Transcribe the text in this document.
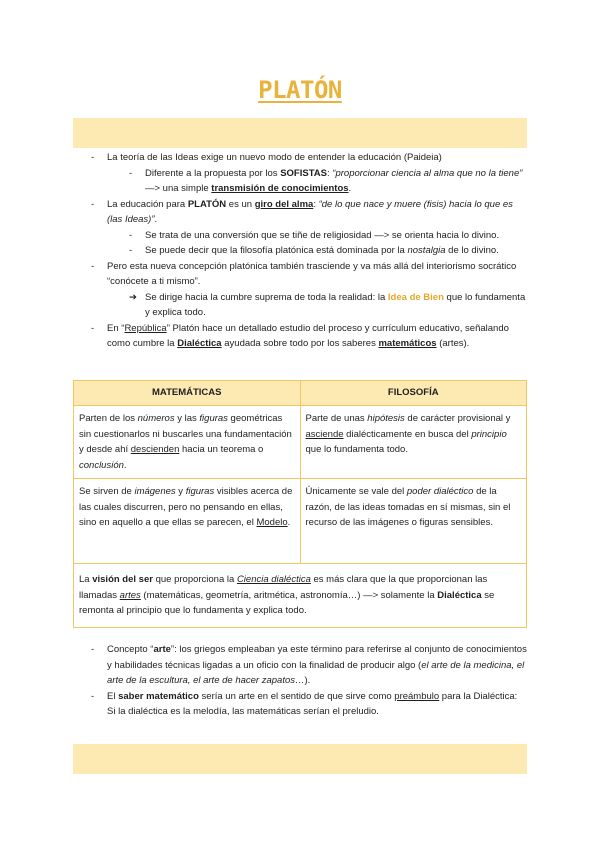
PLATÓN
- La teoría de las Ideas exige un nuevo modo de entender la educación (Paideia)
- Diferente a la propuesta por los SOFISTAS: “proporcionar ciencia al alma que no la tiene” —> una simple transmisión de conocimientos.
- La educación para PLATÓN es un giro del alma: “de lo que nace y muere (fisis) hacia lo que es (las Ideas)”.
- Se trata de una conversión que se tiñe de religiosidad —> se orienta hacia lo divino.
- Se puede decir que la filosofía platónica está dominada por la nostalgia de lo divino.
- Pero esta nueva concepción platónica también trasciende y va más allá del interiorismo socrático “conócete a ti mismo”.
➔ Se dirige hacia la cumbre suprema de toda la realidad: la Idea de Bien que lo fundamenta y explica todo.
- En “República” Platón hace un detallado estudio del proceso y currículum educativo, señalando como cumbre la Dialéctica ayudada sobre todo por los saberes matemáticos (artes).
MATEMÁTICAS	FILOSOFÍA
Parten de los números y las figuras geométricas sin cuestionarlos ni buscarles una fundamentación y desde ahí descienden hacia un teorema o conclusión.	Parte de unas hipótesis de carácter provisional y asciende dialécticamente en busca del principio que lo fundamenta todo.
Se sirven de imágenes y figuras visibles acerca de las cuales discurren, pero no pensando en ellas, sino en aquello a que ellas se parecen, el Modelo.	Únicamente se vale del poder dialéctico de la razón, de las ideas tomadas en sí mismas, sin el recurso de las imágenes o figuras sensibles.
La visión del ser que proporciona la Ciencia dialéctica es más clara que la que proporcionan las llamadas artes (matemáticas, geometría, aritmética, astronomía…) —> solamente la Dialéctica se remonta al principio que lo fundamenta y explica todo.	
- Concepto “arte”: los griegos empleaban ya este término para referirse al conjunto de conocimientos y habilidades técnicas ligadas a un oficio con la finalidad de producir algo (el arte de la medicina, el arte de la escultura, el arte de hacer zapatos…).
- El saber matemático sería un arte en el sentido de que sirve como preámbulo para la Dialéctica: Si la dialéctica es la melodía, las matemáticas serían el preludio.
